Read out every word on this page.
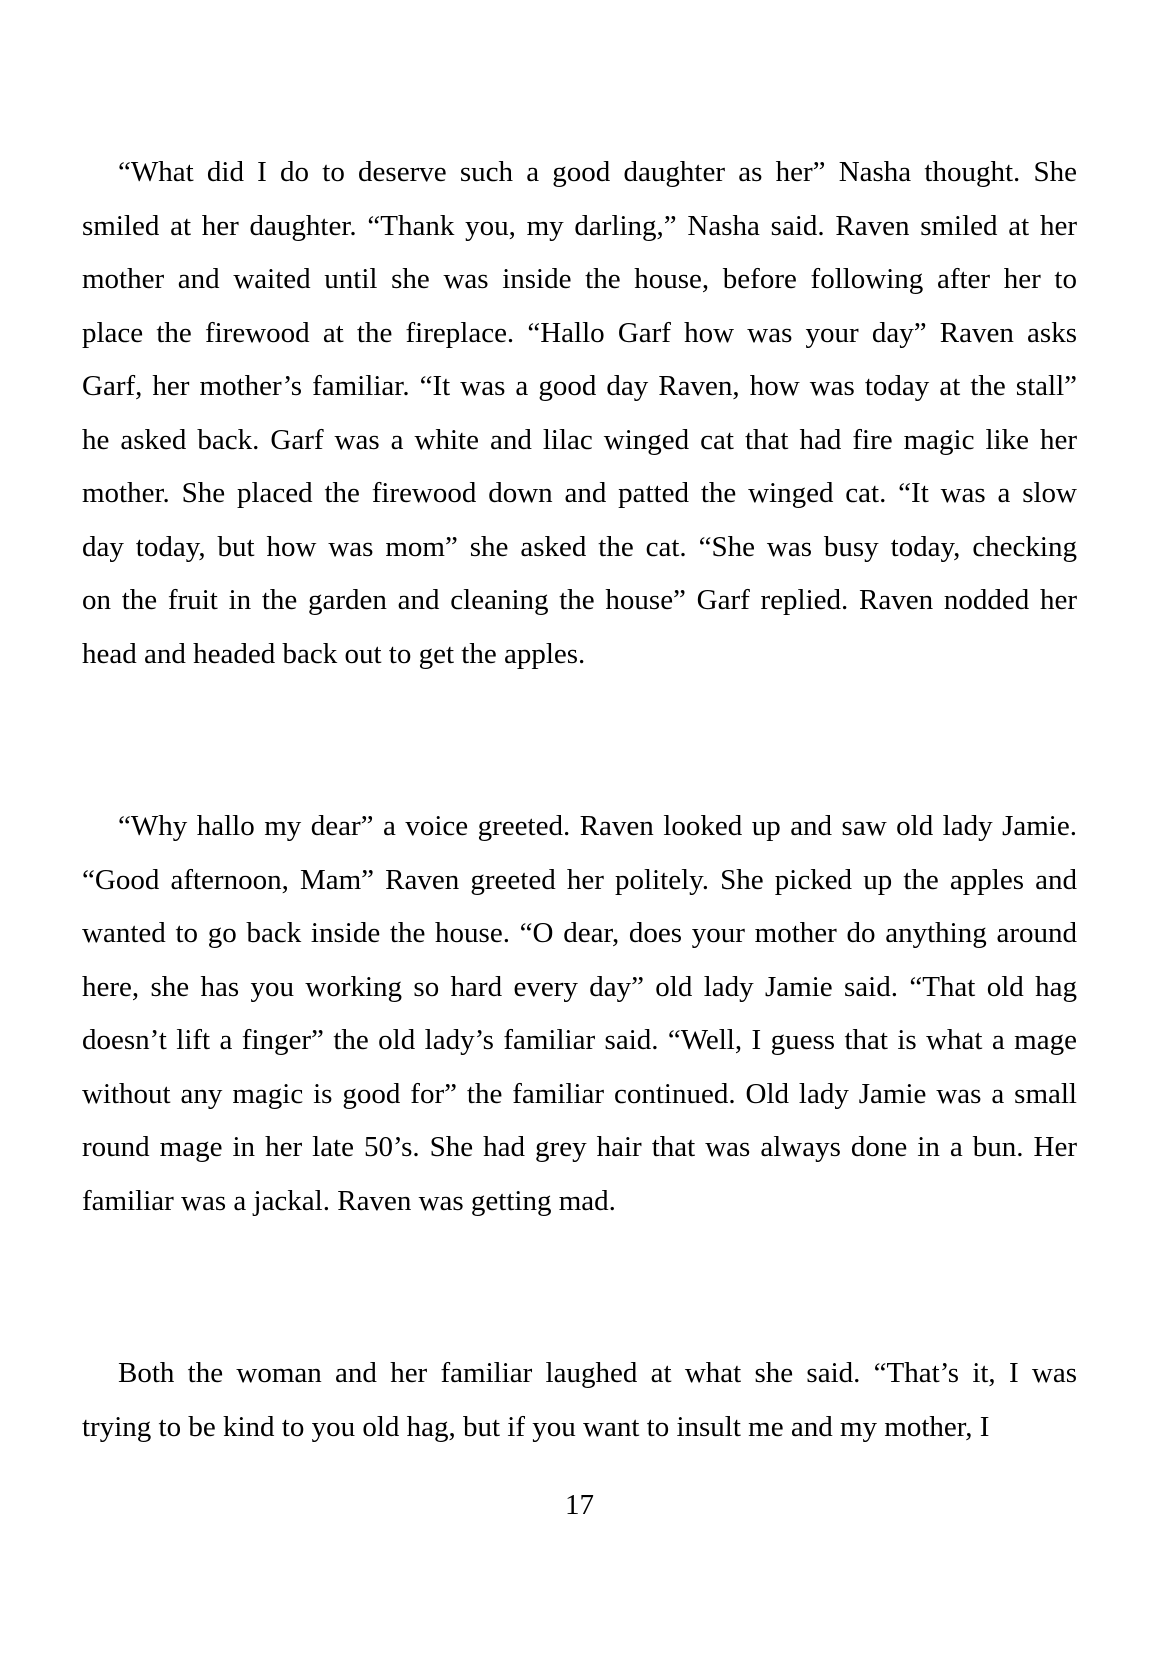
“What did I do to deserve such a good daughter as her” Nasha thought. She
smiled at her daughter. “Thank you, my darling,” Nasha said. Raven smiled at her
mother and waited until she was inside the house, before following after her to
place the firewood at the fireplace. “Hallo Garf how was your day” Raven asks
Garf, her mother’s familiar. “It was a good day Raven, how was today at the stall”
he asked back. Garf was a white and lilac winged cat that had fire magic like her
mother. She placed the firewood down and patted the winged cat. “It was a slow
day today, but how was mom” she asked the cat. “She was busy today, checking
on the fruit in the garden and cleaning the house” Garf replied. Raven nodded her
head and headed back out to get the apples.
“Why hallo my dear” a voice greeted. Raven looked up and saw old lady Jamie.
“Good afternoon, Mam” Raven greeted her politely. She picked up the apples and
wanted to go back inside the house. “O dear, does your mother do anything around
here, she has you working so hard every day” old lady Jamie said. “That old hag
doesn’t lift a finger” the old lady’s familiar said. “Well, I guess that is what a mage
without any magic is good for” the familiar continued. Old lady Jamie was a small
round mage in her late 50’s. She had grey hair that was always done in a bun. Her
familiar was a jackal. Raven was getting mad.
Both the woman and her familiar laughed at what she said. “That’s it, I was
trying to be kind to you old hag, but if you want to insult me and my mother, I
17
